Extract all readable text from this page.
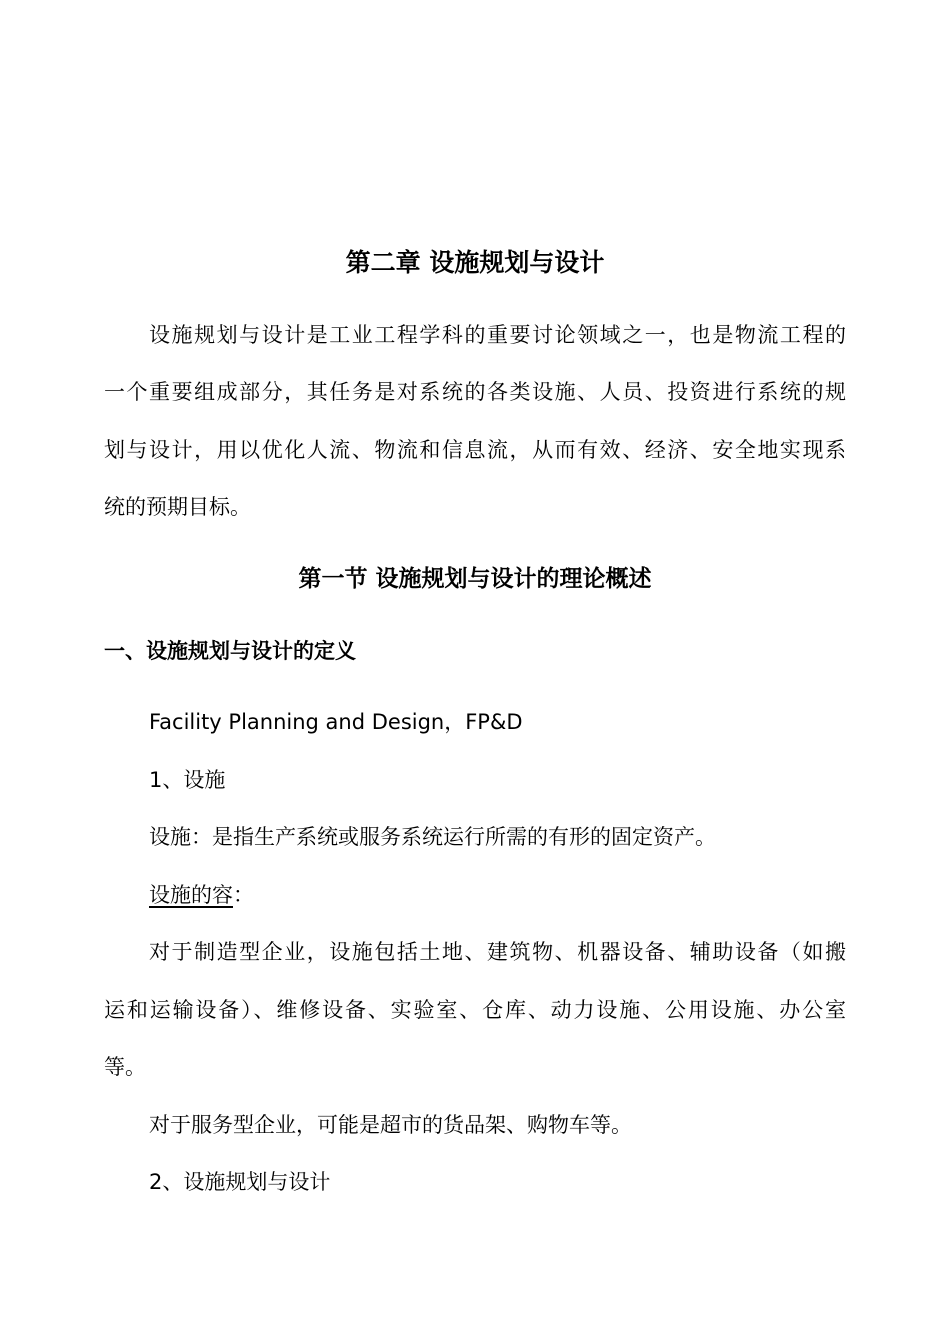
第二章 设施规划与设计
设施规划与设计是工业工程学科的重要讨论领域之一，也是物流工程的
一个重要组成部分，其任务是对系统的各类设施、人员、投资进行系统的规
划与设计，用以优化人流、物流和信息流，从而有效、经济、安全地实现系
统的预期目标。
第一节 设施规划与设计的理论概述
一、设施规划与设计的定义
Facility Planning and Design，FP&D
1、设施
设施：是指生产系统或服务系统运行所需的有形的固定资产。
设施的容：
对于制造型企业，设施包括土地、建筑物、机器设备、辅助设备（如搬
运和运输设备）、维修设备、实验室、仓库、动力设施、公用设施、办公室
等。
对于服务型企业，可能是超市的货品架、购物车等。
2、设施规划与设计
